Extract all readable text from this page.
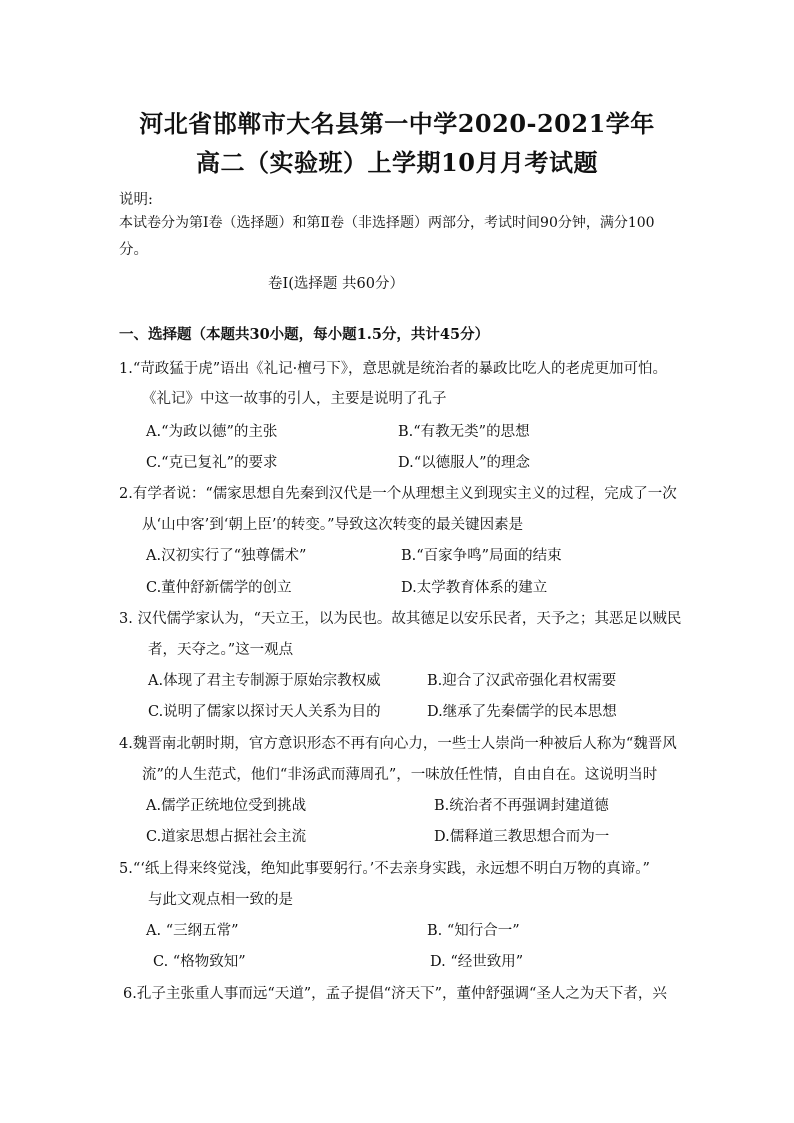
河北省邯郸市大名县第一中学2020-2021学年
高二（实验班）上学期10月月考试题
说明:
本试卷分为第Ⅰ卷（选择题）和第Ⅱ卷（非选择题）两部分，考试时间90分钟，满分100
分。
卷Ⅰ(选择题 共60分）
一、选择题（本题共30小题，每小题1.5分，共计45分）
1.“苛政猛于虎”语出《礼记·檀弓下》，意思就是统治者的暴政比吃人的老虎更加可怕。
《礼记》中这一故事的引人，主要是说明了孔子
A.“为政以德”的主张	B.“有教无类”的思想
C.“克已复礼”的要求	D.“以德服人”的理念
2.有学者说：“儒家思想自先秦到汉代是一个从理想主义到现实主义的过程，完成了一次
从‘山中客’到‘朝上臣’的转变。”导致这次转变的最关键因素是
A.汉初实行了“独尊儒术”	B.“百家争鸣”局面的结束
C.董仲舒新儒学的创立	D.太学教育体系的建立
3. 汉代儒学家认为，“天立王，以为民也。故其德足以安乐民者，天予之；其恶足以贼民
者，天夺之。”这一观点
A.体现了君主专制源于原始宗教权威	B.迎合了汉武帝强化君权需要
C.说明了儒家以探讨天人关系为目的	D.继承了先秦儒学的民本思想
4.魏晋南北朝时期，官方意识形态不再有向心力，一些士人崇尚一种被后人称为“魏晋风
流”的人生范式，他们“非汤武而薄周孔”，一味放任性情，自由自在。这说明当时
A.儒学正统地位受到挑战	B.统治者不再强调封建道德
C.道家思想占据社会主流	D.儒释道三教思想合而为一
5.“‘纸上得来终觉浅，绝知此事要躬行。’不去亲身实践，永远想不明白万物的真谛。”
与此文观点相一致的是
A. “三纲五常”	B. “知行合一”
C. “格物致知”	D. “经世致用”
6.孔子主张重人事而远“天道”，孟子提倡“济天下”，董仲舒强调“圣人之为天下者，兴
